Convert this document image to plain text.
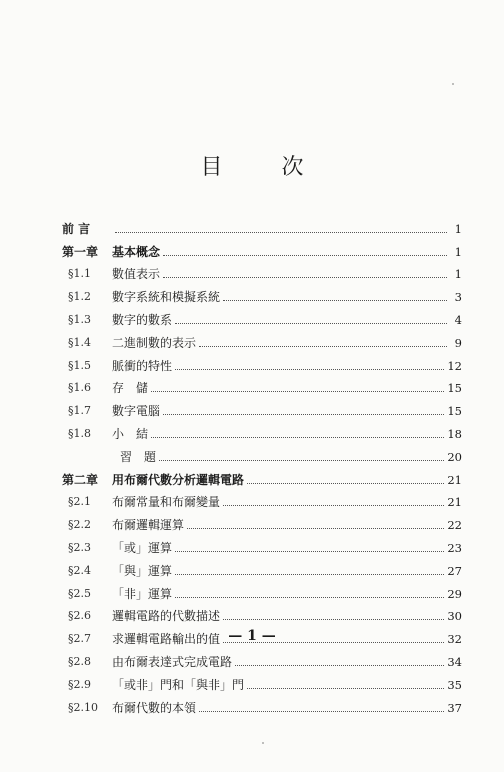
目 次
前 言	1
第一章	基本概念	1
§1.1	數值表示	1
§1.2	數字系統和模擬系統	3
§1.3	數字的數系	4
§1.4	二進制數的表示	9
§1.5	脈衝的特性	12
§1.6	存　儲	15
§1.7	數字電腦	15
§1.8	小　結	18
習　題	20
第二章	用布爾代數分析邏輯電路	21
§2.1	布爾常量和布爾變量	21
§2.2	布爾邏輯運算	22
§2.3	「或」運算	23
§2.4	「與」運算	27
§2.5	「非」運算	29
§2.6	邏輯電路的代數描述	30
§2.7	求邏輯電路輸出的值	32
§2.8	由布爾表達式完成電路	34
§2.9	「或非」門和「與非」門	35
§2.10	布爾代數的本領	37
— 1 —
